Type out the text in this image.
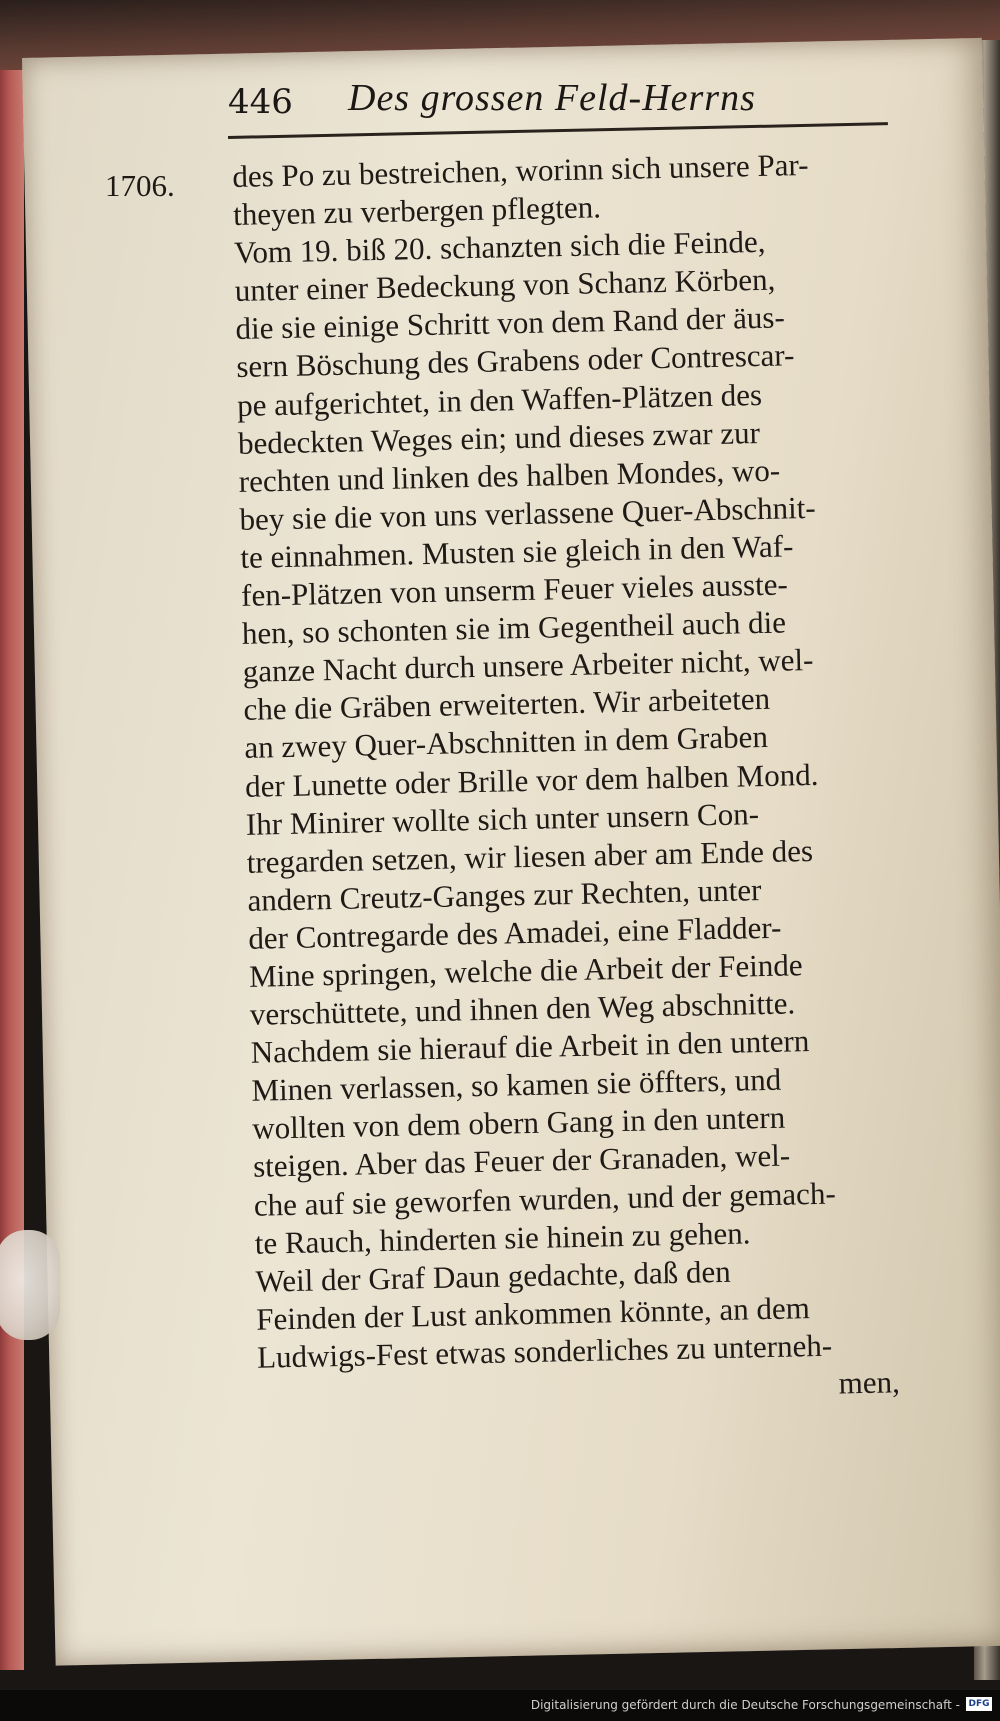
446 Des grossen Feld-Herrns
1706. des Po zu bestreichen, worinn sich unsere Par-
theyen zu verbergen pflegten.
Vom 19. biß 20. schanzten sich die Feinde,
unter einer Bedeckung von Schanz Körben,
die sie einige Schritt von dem Rand der äus-
sern Böschung des Grabens oder Contrescar-
pe aufgerichtet, in den Waffen-Plätzen des
bedeckten Weges ein; und dieses zwar zur
rechten und linken des halben Mondes, wo-
bey sie die von uns verlassene Quer-Abschnit-
te einnahmen. Musten sie gleich in den Waf-
fen-Plätzen von unserm Feuer vieles ausste-
hen, so schonten sie im Gegentheil auch die
ganze Nacht durch unsere Arbeiter nicht, wel-
che die Gräben erweiterten. Wir arbeiteten
an zwey Quer-Abschnitten in dem Graben
der Lunette oder Brille vor dem halben Mond.
Ihr Minirer wollte sich unter unsern Con-
tregarden setzen, wir liesen aber am Ende des
andern Creutz-Ganges zur Rechten, unter
der Contregarde des Amadei, eine Fladder-
Mine springen, welche die Arbeit der Feinde
verschüttete, und ihnen den Weg abschnitte.
Nachdem sie hierauf die Arbeit in den untern
Minen verlassen, so kamen sie öffters, und
wollten von dem obern Gang in den untern
steigen. Aber das Feuer der Granaden, wel-
che auf sie geworfen wurden, und der gemach-
te Rauch, hinderten sie hinein zu gehen.
Weil der Graf Daun gedachte, daß den
Feinden der Lust ankommen könnte, an dem
Ludwigs-Fest etwas sonderliches zu unterneh-
men,
Digitalisierung gefördert durch die Deutsche Forschungsgemeinschaft - DFG
